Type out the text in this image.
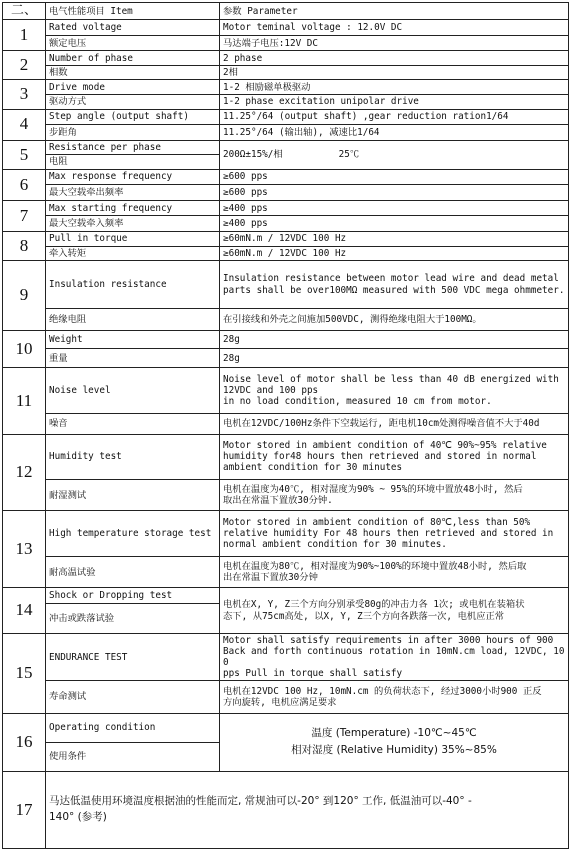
二、	电气性能项目 Item	参数 Parameter
1	Rated voltage	Motor teminal voltage : 12.0V DC
	额定电压	马达端子电压:12V DC
2	Number of phase	2 phase
	相数	2相
3	Drive mode	1-2 相励磁单极驱动
	驱动方式	1-2 phase excitation unipolar drive
4	Step angle (output shaft)	11.25°/64 (output shaft) ,gear reduction ration1/64
	步距角	11.25°/64 (输出轴), 减速比1/64
5	Resistance per phase	200Ω±15%/相          25℃
	电阻	
6	Max response frequency	≥600 pps
	最大空载牵出频率	≥600 pps
7	Max starting frequency	≥400 pps
	最大空载牵入频率	≥400 pps
8	Pull in torque	≥60mN.m / 12VDC 100 Hz
	牵入转矩	≥60mN.m / 12VDC 100 Hz
9	Insulation resistance	Insulation resistance between motor lead wire and dead metal
parts shall be over100MΩ measured with 500 VDC mega ohmmeter.

	绝缘电阻	在引接线和外壳之间施加500VDC, 测得绝缘电阻大于100MΩ。
10	Weight	28g
	重量	28g
11	Noise level	Noise level of motor shall be less than 40 dB energized with
12VDC and 100 pps
in no load condition, measured 10 cm from motor.

	噪音	电机在12VDC/100Hz条件下空载运行, 距电机10cm处测得噪音值不大于40d
12	Humidity test	Motor stored in ambient condition of 40℃ 90%~95% relative
humidity for48 hours then retrieved and stored in normal
ambient condition for 30 minutes

	耐湿测试	电机在温度为40℃, 相对湿度为90% ~ 95%的环境中置放48小时, 然后
取出在常温下置放30分钟.

13	High temperature storage test	Motor stored in ambient condition of 80℃,less than 50%
relative humidity For 48 hours then retrieved and stored in
normal ambient condition for 30 minutes.

	耐高温试验	电机在温度为80℃, 相对湿度为90%~100%的环境中置放48小时, 然后取
出在常温下置放30分钟

14	Shock or Dropping test	电机在X, Y, Z三个方向分别承受80g的冲击力各 1次; 或电机在装箱状
态下, 从75cm高处, 以X, Y, Z三个方向各跌落一次, 电机应正常

	冲击或跌落试验	
15	ENDURANCE TEST	Motor shall satisfy requirements in after 3000 hours of 900
Back and forth continuous rotation in 10mN.cm load, 12VDC, 100
pps Pull in torque shall satisfy

	寿命测试	电机在12VDC 100 Hz, 10mN.cm 的负荷状态下, 经过3000小时900 正反
方向旋转, 电机应满足要求

16	Operating condition	温度 (Temperature) -10℃~45℃
相对湿度 (Relative Humidity) 35%~85%

	使用条件	
17	马达低温使用环境温度根据油的性能而定, 常规油可以-20° 到120° 工作, 低温油可以-40° -
140° (参考)	
